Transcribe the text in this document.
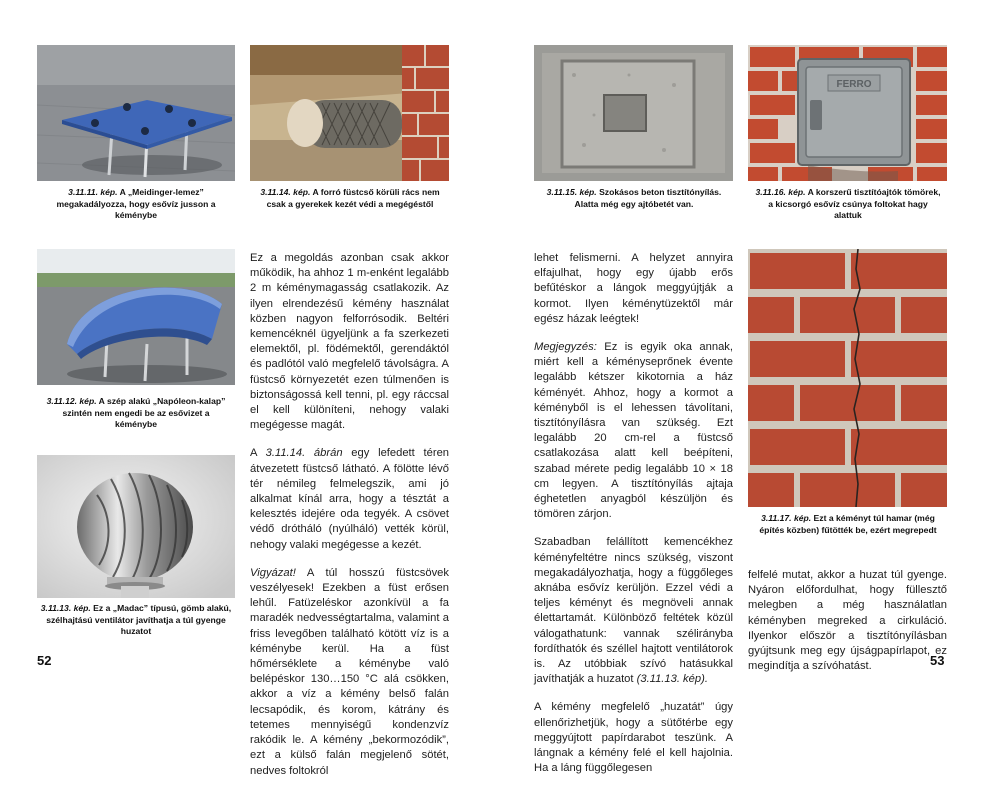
3.11.11. kép. A „Meidinger-lemez” megakadályozza, hogy esővíz jusson a kéménybe
3.11.14. kép. A forró füstcső körüli rács nem csak a gyerekek kezét védi a megégéstől
3.11.12. kép. A szép alakú „Napóleon-kalap” szintén nem engedi be az esővizet a kéménybe
3.11.13. kép. Ez a „Madac” típusú, gömb alakú, szélhajtású ventilátor javíthatja a túl gyenge huzatot

Ez a megoldás azonban csak akkor működik, ha ahhoz 1 m-enként legalább 2 m kéménymagasság csatlakozik. Az ilyen elrendezésű kémény használat közben nagyon felforrósodik. Beltéri kemencéknél ügyeljünk a fa szerkezeti elemektől, pl. födémektől, gerendáktól és padlótól való megfelelő távolságra. A füstcső környezetét ezen túlmenően is biztonságossá kell tenni, pl. egy ráccsal el kell különíteni, nehogy valaki megégesse magát.

A 3.11.14. ábrán egy lefedett téren átvezetett füstcső látható. A fölötte lévő tér némileg felmelegszik, ami jó alkalmat kínál arra, hogy a tésztát a kelesztés idejére oda tegyék. A csövet védő drótháló (nyúlháló) vették körül, nehogy valaki megégesse a kezét.

Vigyázat! A túl hosszú füstcsövek veszélyesek! Ezekben a füst erősen lehűl. Fatüzeléskor azonkívül a fa maradék nedvességtartalma, valamint a friss levegőben található kötött víz is a kéménybe kerül. Ha a füst hőmérséklete a kéménybe való belépéskor 130…150 °C alá csökken, akkor a víz a kémény belső falán lecsapódik, és korom, kátrány és tetemes mennyiségű kondenzvíz rakódik le. A kémény „bekormozódik”, ezt a külső falán megjelenő sötét, nedves foltokról

52
3.11.15. kép. Szokásos beton tisztítónyílás. Alatta még egy ajtóbetét van.
FERRO
3.11.16. kép. A korszerű tisztítóajtók tömörek, a kicsorgó esővíz csúnya foltokat hagy alattuk
3.11.17. kép. Ezt a kéményt túl hamar (még építés közben) fűtötték be, ezért megrepedt

lehet felismerni. A helyzet annyira elfajulhat, hogy egy újabb erős befűtéskor a lángok meggyújtják a kormot. Ilyen kéménytüzektől már egész házak leégtek!

Megjegyzés: Ez is egyik oka annak, miért kell a kéményseprőnek évente legalább kétszer kikotornia a ház kéményét. Ahhoz, hogy a kormot a kéményből is el lehessen távolítani, tisztítónyílásra van szükség. Ezt legalább 20 cm-rel a füstcső csatlakozása alatt kell beépíteni, szabad mérete pedig legalább 10 × 18 cm legyen. A tisztítónyílás ajtaja éghetetlen anyagból készüljön és tömören zárjon.

Szabadban felállított kemencékhez kéményfeltétre nincs szükség, viszont megakadályozhatja, hogy a függőleges aknába esővíz kerüljön. Ezzel védi a teljes kéményt és megnöveli annak élettartamát. Különböző feltétek közül válogathatunk: vannak szélirányba fordíthatók és széllel hajtott ventilátorok is. Az utóbbiak szívó hatásukkal javíthatják a huzatot (3.11.13. kép).

A kémény megfelelő „huzatát” úgy ellenőrizhetjük, hogy a sütőtérbe egy meggyújtott papírdarabot teszünk. A lángnak a kémény felé el kell hajolnia. Ha a láng függőlegesen

felfelé mutat, akkor a huzat túl gyenge. Nyáron előfordulhat, hogy füllesztő melegben a még használatlan kéményben megreked a cirkuláció. Ilyenkor először a tisztítónyílásban gyújtsunk meg egy újságpapírlapot, ez megindítja a szívóhatást.	53
